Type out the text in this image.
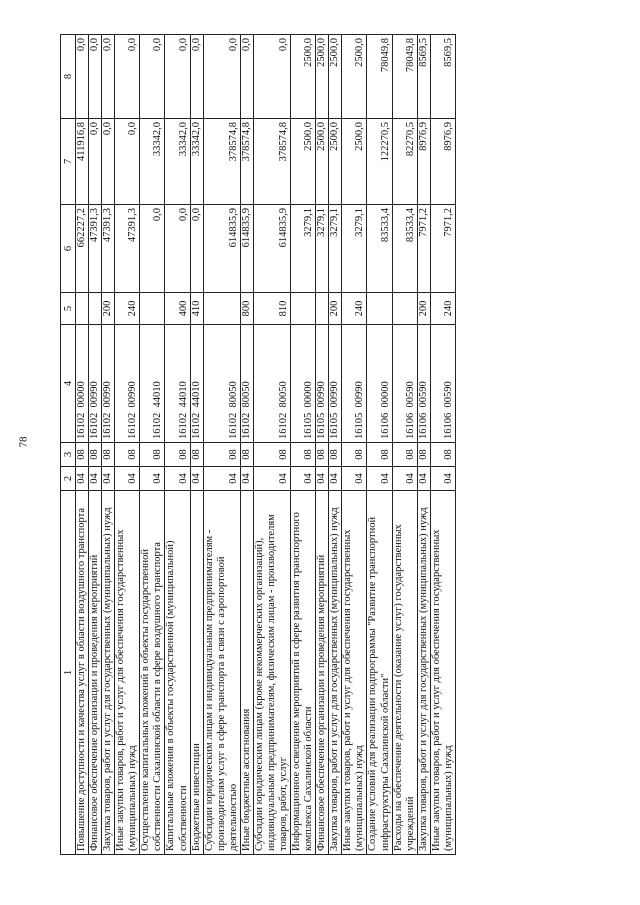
78
1	2	3	4	5	6	7	8
Повышение доступности и качества услуг в области воздушного транспорта	04	08	16102  00000		662227,2	411916,8	0,0
Финансовое обеспечение организации и проведения мероприятий	04	08	16102  00990		47391,3	0,0	0,0
Закупка товаров, работ и услуг для государственных (муниципальных) нужд	04	08	16102  00990	200	47391,3	0,0	0,0
Иные закупки товаров, работ и услуг для обеспечения государственных (муниципальных) нужд	04	08	16102  00990	240	47391,3	0,0	0,0
Осуществление капитальных вложений в объекты государственной собственности Сахалинской области в сфере воздушного транспорта	04	08	16102  44010		0,0	33342,0	0,0
Капитальные вложения в объекты государственной (муниципальной) собственности	04	08	16102  44010	400	0,0	33342,0	0,0
Бюджетные инвестиции	04	08	16102  44010	410	0,0	33342,0	0,0
Субсидии юридическим лицам и индивидуальным предпринимателям - производителям услуг в сфере транспорта в связи с аэропортовой деятельностью	04	08	16102  80050		614835,9	378574,8	0,0
Иные бюджетные ассигнования	04	08	16102  80050	800	614835,9	378574,8	0,0
Субсидии юридическим лицам (кроме некоммерческих организаций), индивидуальным предпринимателям, физическим лицам - производителям товаров, работ, услуг	04	08	16102  80050	810	614835,9	378574,8	0,0
Информационное освещение мероприятий в сфере развития транспортного комплекса Сахалинской области	04	08	16105  00000		3279,1	2500,0	2500,0
Финансовое обеспечение организации и проведения мероприятий	04	08	16105  00990		3279,1	2500,0	2500,0
Закупка товаров, работ и услуг для государственных (муниципальных) нужд	04	08	16105  00990	200	3279,1	2500,0	2500,0
Иные закупки товаров, работ и услуг для обеспечения государственных (муниципальных) нужд	04	08	16105  00990	240	3279,1	2500,0	2500,0
Создание условий для реализации подпрограммы "Развитие транспортной инфраструктуры Сахалинской области"	04	08	16106  00000		83533,4	122270,5	78049,8
Расходы на обеспечение деятельности (оказание услуг) государственных учреждений	04	08	16106  00590		83533,4	82270,5	78049,8
Закупка товаров, работ и услуг для государственных (муниципальных) нужд	04	08	16106  00590	200	7971,2	8976,9	8569,5
Иные закупки товаров, работ и услуг для обеспечения государственных (муниципальных) нужд	04	08	16106  00590	240	7971,2	8976,9	8569,5
